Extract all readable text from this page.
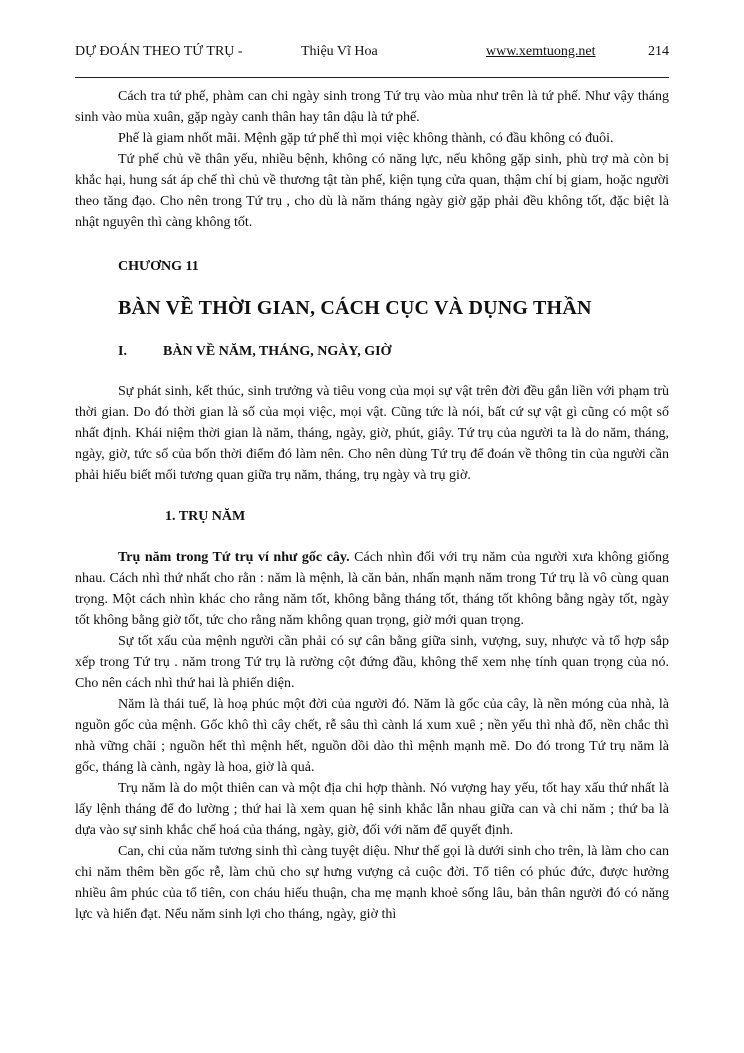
DỰ ĐOÁN THEO TỨ TRỤ -	Thiệu Vĩ Hoa	www.xemtuong.net	214

Cách tra tứ phế, phàm can chi ngày sinh trong Tứ trụ vào mùa như trên là tứ phế. Như vậy tháng sinh vào mùa xuân, gặp ngày canh thân hay tân dậu là tứ phế.

Phế là giam nhốt mãi. Mệnh gặp tứ phế thì mọi việc không thành, có đầu không có đuôi.

Tứ phế chủ về thân yếu, nhiều bệnh, không có năng lực, nếu không gặp sinh, phù trợ mà còn bị khắc hại, hung sát áp chế thì chủ về thương tật tàn phế, kiện tụng cửa quan, thậm chí bị giam, hoặc người theo tăng đạo. Cho nên trong Tứ trụ , cho dù là năm tháng ngày giờ gặp phải đều không tốt, đặc biệt là nhật nguyên thì càng không tốt.

CHƯƠNG 11
BÀN VỀ THỜI GIAN, CÁCH CỤC VÀ DỤNG THẦN
I.	BÀN VỀ NĂM, THÁNG, NGÀY, GIỜ

Sự phát sinh, kết thúc, sinh trưởng và tiêu vong của mọi sự vật trên đời đều gắn liền với phạm trù thời gian. Do đó thời gian là số của mọi việc, mọi vật. Cũng tức là nói, bất cứ sự vật gì cũng có một số nhất định. Khái niệm thời gian là năm, tháng, ngày, giờ, phút, giây. Tứ trụ của người ta là do năm, tháng, ngày, giờ, tức số của bốn thời điểm đó làm nên. Cho nên dùng Tứ trụ để đoán về thông tin của người cần phải hiểu biết mối tương quan giữa trụ năm, tháng, trụ ngày và trụ giờ.

1. TRỤ NĂM

Trụ năm trong Tứ trụ ví như gốc cây. Cách nhìn đối với trụ năm của người xưa không giống nhau. Cách nhì thứ nhất cho rằn : năm là mệnh, là căn bản, nhấn mạnh năm trong Tứ trụ là vô cùng quan trọng. Một cách nhìn khác cho rằng năm tốt, không bằng tháng tốt, tháng tốt không bằng ngày tốt, ngày tốt không bằng giờ tốt, tức cho rằng năm không quan trọng, giờ mới quan trọng.

Sự tốt xấu của mệnh người cần phải có sự cân bằng giữa sinh, vượng, suy, nhược và tổ hợp sắp xếp trong Tứ trụ . năm trong Tứ trụ là rường cột đứng đầu, không thể xem nhẹ tính quan trọng của nó. Cho nên cách nhì thứ hai là phiến diện.

Năm là thái tuế, là hoạ phúc một đời của người đó. Năm là gốc của cây, là nền móng của nhà, là nguồn gốc của mệnh. Gốc khô thì cây chết, rễ sâu thì cành lá xum xuê ; nền yếu thì nhà đổ, nền chắc thì nhà vững chãi ; nguồn hết thì mệnh hết, nguồn dồi dào thì mệnh mạnh mẽ. Do đó trong Tứ trụ năm là gốc, tháng là cành, ngày là hoa, giờ là quả.

Trụ năm là do một thiên can và một địa chi hợp thành. Nó vượng hay yếu, tốt hay xấu thứ nhất là lấy lệnh tháng để đo lường ; thứ hai là xem quan hệ sinh khắc lẫn nhau giữa can và chi năm ; thứ ba là dựa vào sự sinh khắc chế hoá của tháng, ngày, giờ, đối với năm để quyết định.

Can, chi của năm tương sinh thì càng tuyệt diệu. Như thế gọi là dưới sinh cho trên, là làm cho can chi năm thêm bền gốc rễ, làm chủ cho sự hưng vượng cả cuộc đời. Tổ tiên có phúc đức, được hưởng nhiều âm phúc của tổ tiên, con cháu hiếu thuận, cha mẹ mạnh khoẻ sống lâu, bản thân người đó có năng lực và hiển đạt. Nếu năm sinh lợi cho tháng, ngày, giờ thì
